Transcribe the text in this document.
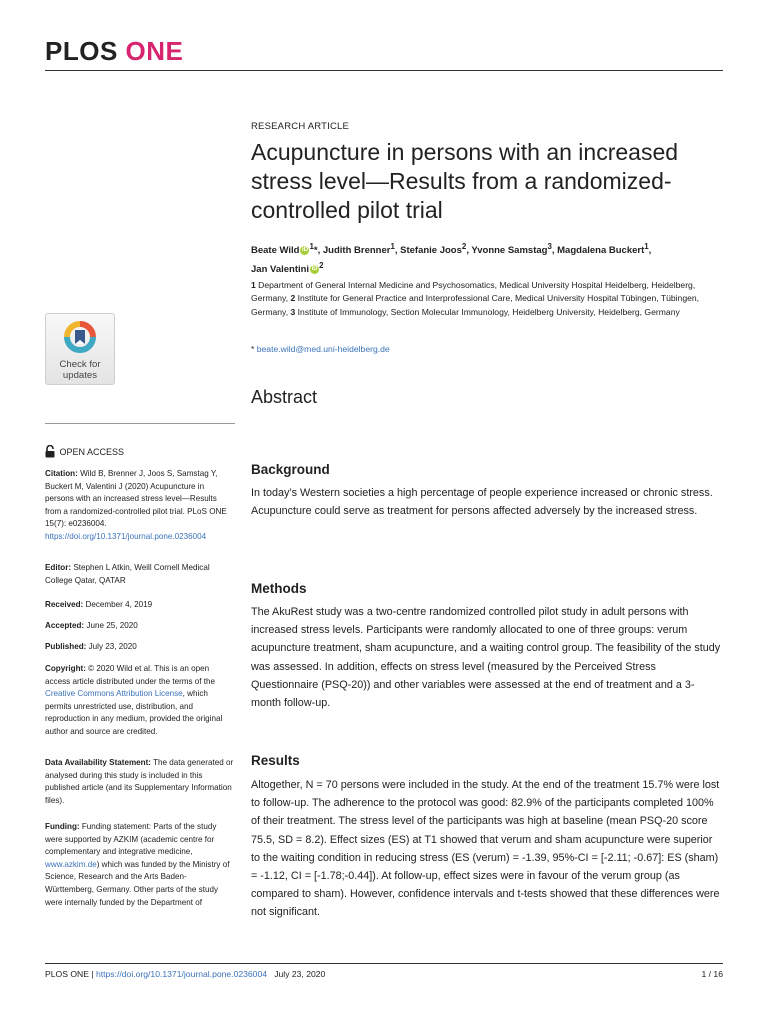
PLOS ONE
RESEARCH ARTICLE
Acupuncture in persons with an increased stress level—Results from a randomized-controlled pilot trial
Beate Wild iD $^1$*, Judith Brenner$^1$, Stefanie Joos$^2$, Yvonne Samstag$^3$, Magdalena Buckert$^1$,
Jan Valentini iD $^2$
1 Department of General Internal Medicine and Psychosomatics, Medical University Hospital Heidelberg, Heidelberg, Germany, 2 Institute for General Practice and Interprofessional Care, Medical University Hospital Tübingen, Tübingen, Germany, 3 Institute of Immunology, Section Molecular Immunology, Heidelberg University, Heidelberg, Germany
* beate.wild@med.uni-heidelberg.de
Abstract
Background
In today’s Western societies a high percentage of people experience increased or chronic stress. Acupuncture could serve as treatment for persons affected adversely by the increased stress.
Methods
The AkuRest study was a two-centre randomized controlled pilot study in adult persons with increased stress levels. Participants were randomly allocated to one of three groups: verum acupuncture treatment, sham acupuncture, and a waiting control group. The feasibility of the study was assessed. In addition, effects on stress level (measured by the Perceived Stress Questionnaire (PSQ-20)) and other variables were assessed at the end of treatment and a 3-month follow-up.
Results
Altogether, N = 70 persons were included in the study. At the end of the treatment 15.7% were lost to follow-up. The adherence to the protocol was good: 82.9% of the participants completed 100% of their treatment. The stress level of the participants was high at baseline (mean PSQ-20 score 75.5, SD = 8.2). Effect sizes (ES) at T1 showed that verum and sham acupuncture were superior to the waiting condition in reducing stress (ES (verum) = -1.39, 95%-CI = [-2.11; -0.67]: ES (sham) = -1.12, CI = [-1.78;-0.44]). At follow-up, effect sizes were in favour of the verum group (as compared to sham). However, confidence intervals and t-tests showed that these differences were not significant.
Check for
updates
OPEN ACCESS
Citation: Wild B, Brenner J, Joos S, Samstag Y, Buckert M, Valentini J (2020) Acupuncture in persons with an increased stress level—Results from a randomized-controlled pilot trial. PLoS ONE 15(7): e0236004. https://doi.org/10.1371/journal.pone.0236004
Editor: Stephen L Atkin, Weill Cornell Medical College Qatar, QATAR
Received: December 4, 2019
Accepted: June 25, 2020
Published: July 23, 2020
Copyright: © 2020 Wild et al. This is an open access article distributed under the terms of the Creative Commons Attribution License, which permits unrestricted use, distribution, and reproduction in any medium, provided the original author and source are credited.
Data Availability Statement: The data generated or analysed during this study is included in this published article (and its Supplementary Information files).
Funding: Funding statement: Parts of the study were supported by AZKIM (academic centre for complementary and integrative medicine, www.azkim.de) which was funded by the Ministry of Science, Research and the Arts Baden-Württemberg, Germany. Other parts of the study were internally funded by the Department of
PLOS ONE | https://doi.org/10.1371/journal.pone.0236004 July 23, 2020	1 / 16
